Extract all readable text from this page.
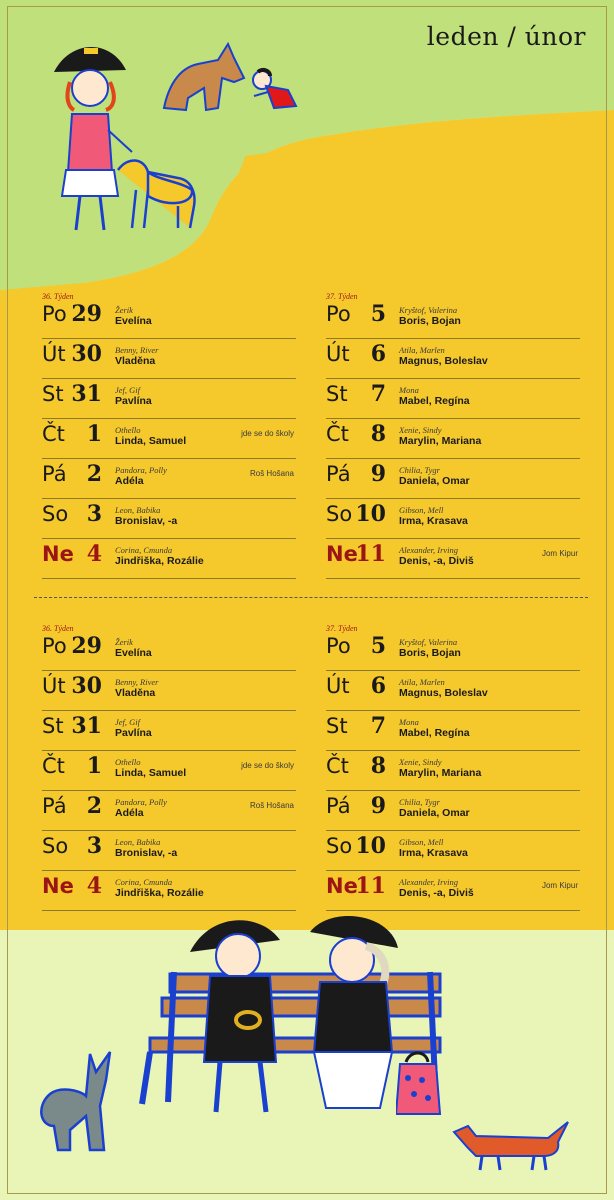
leden / únor
36. Týden
Po 29 Žerik
Evelína
Út 30 Benny, River
Vladěna
St 31 Jef, Gif
Pavlína
Čt 1 Othello
Linda, Samuel
jde se do školy
Pá 2 Pandora, Polly
Adéla
Roš Hošana
So 3 Leon, Babika
Bronislav, -a
Ne 4 Corina, Cmunda
Jindřiška, Rozálie
37. Týden
Po 5 Kryštof, Valerina
Boris, Bojan
Út 6 Atila, Marlen
Magnus, Boleslav
St	7 Mona
Mabel, Regína
Čt 8 Xenie, Sindy
Marylin, Mariana
Pá 9 Chilia, Tygr
Daniela, Omar
So 10 Gibson, Mell
Irma, Krasava
Ne
11 Alexander, Irving
Denis, -a, Diviš
Jom Kipur
36. Týden
Po 29 Žerik
Evelína
Út 30 Benny, River
Vladěna
St 31 Jef, Gif
Pavlína
Čt 1 Othello
Linda, Samuel
jde se do školy
Pá 2 Pandora, Polly
Adéla
Roš Hošana
So 3 Leon, Babika
Bronislav, -a
Ne 4 Corina, Cmunda
Jindřiška, Rozálie
37. Týden
Po 5 Kryštof, Valerina
Boris, Bojan
Út 6 Atila, Marlen
Magnus, Boleslav
St	7 Mona
Mabel, Regína
Čt 8 Xenie, Sindy
Marylin, Mariana
Pá 9 Chilia, Tygr
Daniela, Omar
So 10 Gibson, Mell
Irma, Krasava
Ne
11 Alexander, Irving
Denis, -a, Diviš
Jom Kipur
